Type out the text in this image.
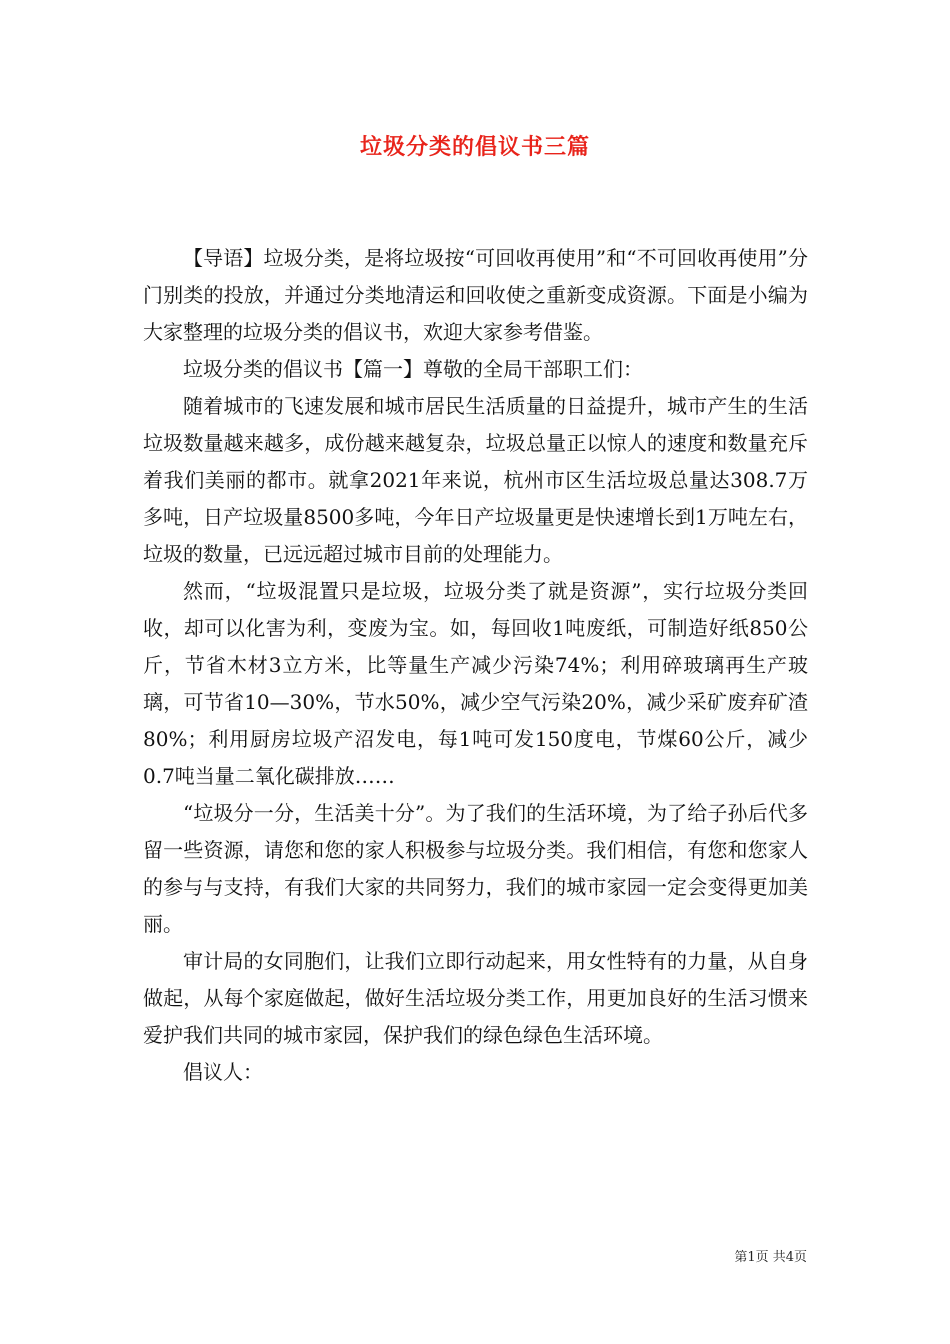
垃圾分类的倡议书三篇

【导语】垃圾分类，是将垃圾按“可回收再使用”和“不可回收再使用”分门别类的投放，并通过分类地清运和回收使之重新变成资源。下面是小编为大家整理的垃圾分类的倡议书，欢迎大家参考借鉴。

垃圾分类的倡议书【篇一】尊敬的全局干部职工们：

随着城市的飞速发展和城市居民生活质量的日益提升，城市产生的生活垃圾数量越来越多，成份越来越复杂，垃圾总量正以惊人的速度和数量充斥着我们美丽的都市。就拿2021年来说，杭州市区生活垃圾总量达308.7万多吨，日产垃圾量8500多吨，今年日产垃圾量更是快速增长到1万吨左右，垃圾的数量，已远远超过城市目前的处理能力。

然而，“垃圾混置只是垃圾，垃圾分类了就是资源”，实行垃圾分类回收，却可以化害为利，变废为宝。如，每回收1吨废纸，可制造好纸850公斤，节省木材3立方米，比等量生产减少污染74%；利用碎玻璃再生产玻璃，可节省10—30%，节水50%，减少空气污染20%，减少采矿废弃矿渣80%；利用厨房垃圾产沼发电，每1吨可发150度电，节煤60公斤，减少0.7吨当量二氧化碳排放……

“垃圾分一分，生活美十分”。为了我们的生活环境，为了给子孙后代多留一些资源，请您和您的家人积极参与垃圾分类。我们相信，有您和您家人的参与与支持，有我们大家的共同努力，我们的城市家园一定会变得更加美丽。

审计局的女同胞们，让我们立即行动起来，用女性特有的力量，从自身做起，从每个家庭做起，做好生活垃圾分类工作，用更加良好的生活习惯来爱护我们共同的城市家园，保护我们的绿色绿色生活环境。

倡议人：

第1页 共4页
